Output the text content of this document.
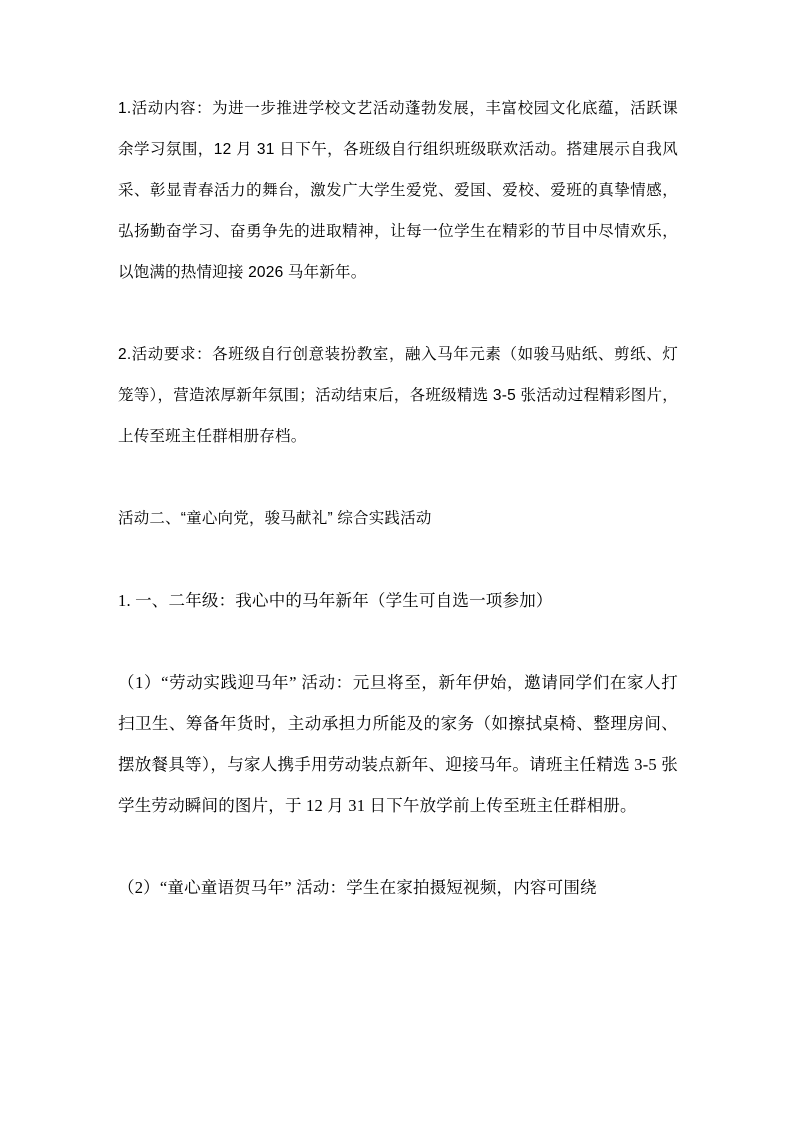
1.活动内容：为进一步推进学校文艺活动蓬勃发展，丰富校园文化底蕴，活跃课余学习氛围，12 月 31 日下午，各班级自行组织班级联欢活动。搭建展示自我风采、彰显青春活力的舞台，激发广大学生爱党、爱国、爱校、爱班的真挚情感，弘扬勤奋学习、奋勇争先的进取精神，让每一位学生在精彩的节目中尽情欢乐，以饱满的热情迎接 2026 马年新年。

2.活动要求：各班级自行创意装扮教室，融入马年元素（如骏马贴纸、剪纸、灯笼等），营造浓厚新年氛围；活动结束后，各班级精选 3-5 张活动过程精彩图片，上传至班主任群相册存档。

活动二、“童心向党，骏马献礼” 综合实践活动

1. 一、二年级：我心中的马年新年（学生可自选一项参加）

（1）“劳动实践迎马年” 活动：元旦将至，新年伊始，邀请同学们在家人打扫卫生、筹备年货时，主动承担力所能及的家务（如擦拭桌椅、整理房间、摆放餐具等），与家人携手用劳动装点新年、迎接马年。请班主任精选 3-5 张学生劳动瞬间的图片，于 12 月 31 日下午放学前上传至班主任群相册。

（2）“童心童语贺马年” 活动：学生在家拍摄短视频，内容可围绕
